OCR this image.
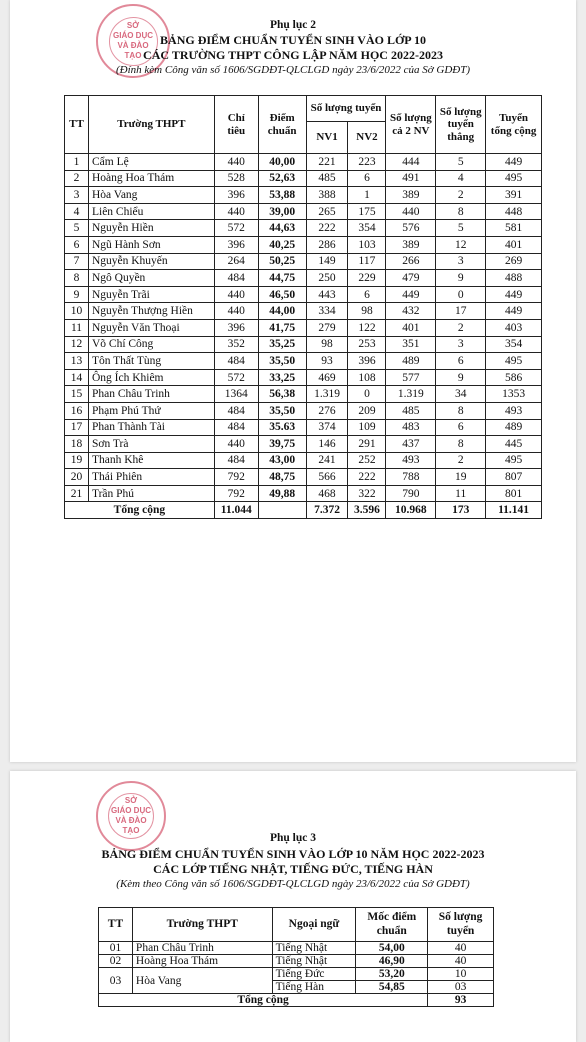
SỞ
GIÁO DỤC
VÀ ĐÀO TẠO
Phụ lục 2
BẢNG ĐIỂM CHUẨN TUYỂN SINH VÀO LỚP 10
CÁC TRƯỜNG THPT CÔNG LẬP NĂM HỌC 2022-2023
(Đính kèm Công văn số 1606/SGDĐT-QLCLGD ngày 23/6/2022 của Sở GDĐT)
TT	Trường THPT	Chỉ tiêu	Điểm chuẩn	Số lượng tuyển		Số lượng cả 2 NV	Số lượng tuyển thẳng	Tuyển tổng cộng
				NV1	NV2			
1	Cẩm Lệ	440	40,00	221	223	444	5	449
2	Hoàng Hoa Thám	528	52,63	485	6	491	4	495
3	Hòa Vang	396	53,88	388	1	389	2	391
4	Liên Chiểu	440	39,00	265	175	440	8	448
5	Nguyễn Hiền	572	44,63	222	354	576	5	581
6	Ngũ Hành Sơn	396	40,25	286	103	389	12	401
7	Nguyễn Khuyến	264	50,25	149	117	266	3	269
8	Ngô Quyền	484	44,75	250	229	479	9	488
9	Nguyễn Trãi	440	46,50	443	6	449	0	449
10	Nguyễn Thượng Hiền	440	44,00	334	98	432	17	449
11	Nguyễn Văn Thoại	396	41,75	279	122	401	2	403
12	Võ Chí Công	352	35,25	98	253	351	3	354
13	Tôn Thất Tùng	484	35,50	93	396	489	6	495
14	Ông Ích Khiêm	572	33,25	469	108	577	9	586
15	Phan Châu Trinh	1364	56,38	1.319	0	1.319	34	1353
16	Phạm Phú Thứ	484	35,50	276	209	485	8	493
17	Phan Thành Tài	484	35.63	374	109	483	6	489
18	Sơn Trà	440	39,75	146	291	437	8	445
19	Thanh Khê	484	43,00	241	252	493	2	495
20	Thái Phiên	792	48,75	566	222	788	19	807
21	Trần Phú	792	49,88	468	322	790	11	801
Tổng cộng		11.044		7.372	3.596	10.968	173	11.141
SỞ
GIÁO DỤC
VÀ ĐÀO TẠO
Phụ lục 3
BẢNG ĐIỂM CHUẨN TUYỂN SINH VÀO LỚP 10 NĂM HỌC 2022-2023
CÁC LỚP TIẾNG NHẬT, TIẾNG ĐỨC, TIẾNG HÀN
(Kèm theo Công văn số 1606/SGDĐT-QLCLGD ngày 23/6/2022 của Sở GDĐT)
TT	Trường THPT	Ngoại ngữ	Mốc điểm chuẩn	Số lượng tuyển
01	Phan Châu Trinh	Tiếng Nhật	54,00	40
02	Hoàng Hoa Thám	Tiếng Nhật	46,90	40
03	Hòa Vang	Tiếng Đức	53,20	10
		Tiếng Hàn	54,85	03
Tổng cộng				93
